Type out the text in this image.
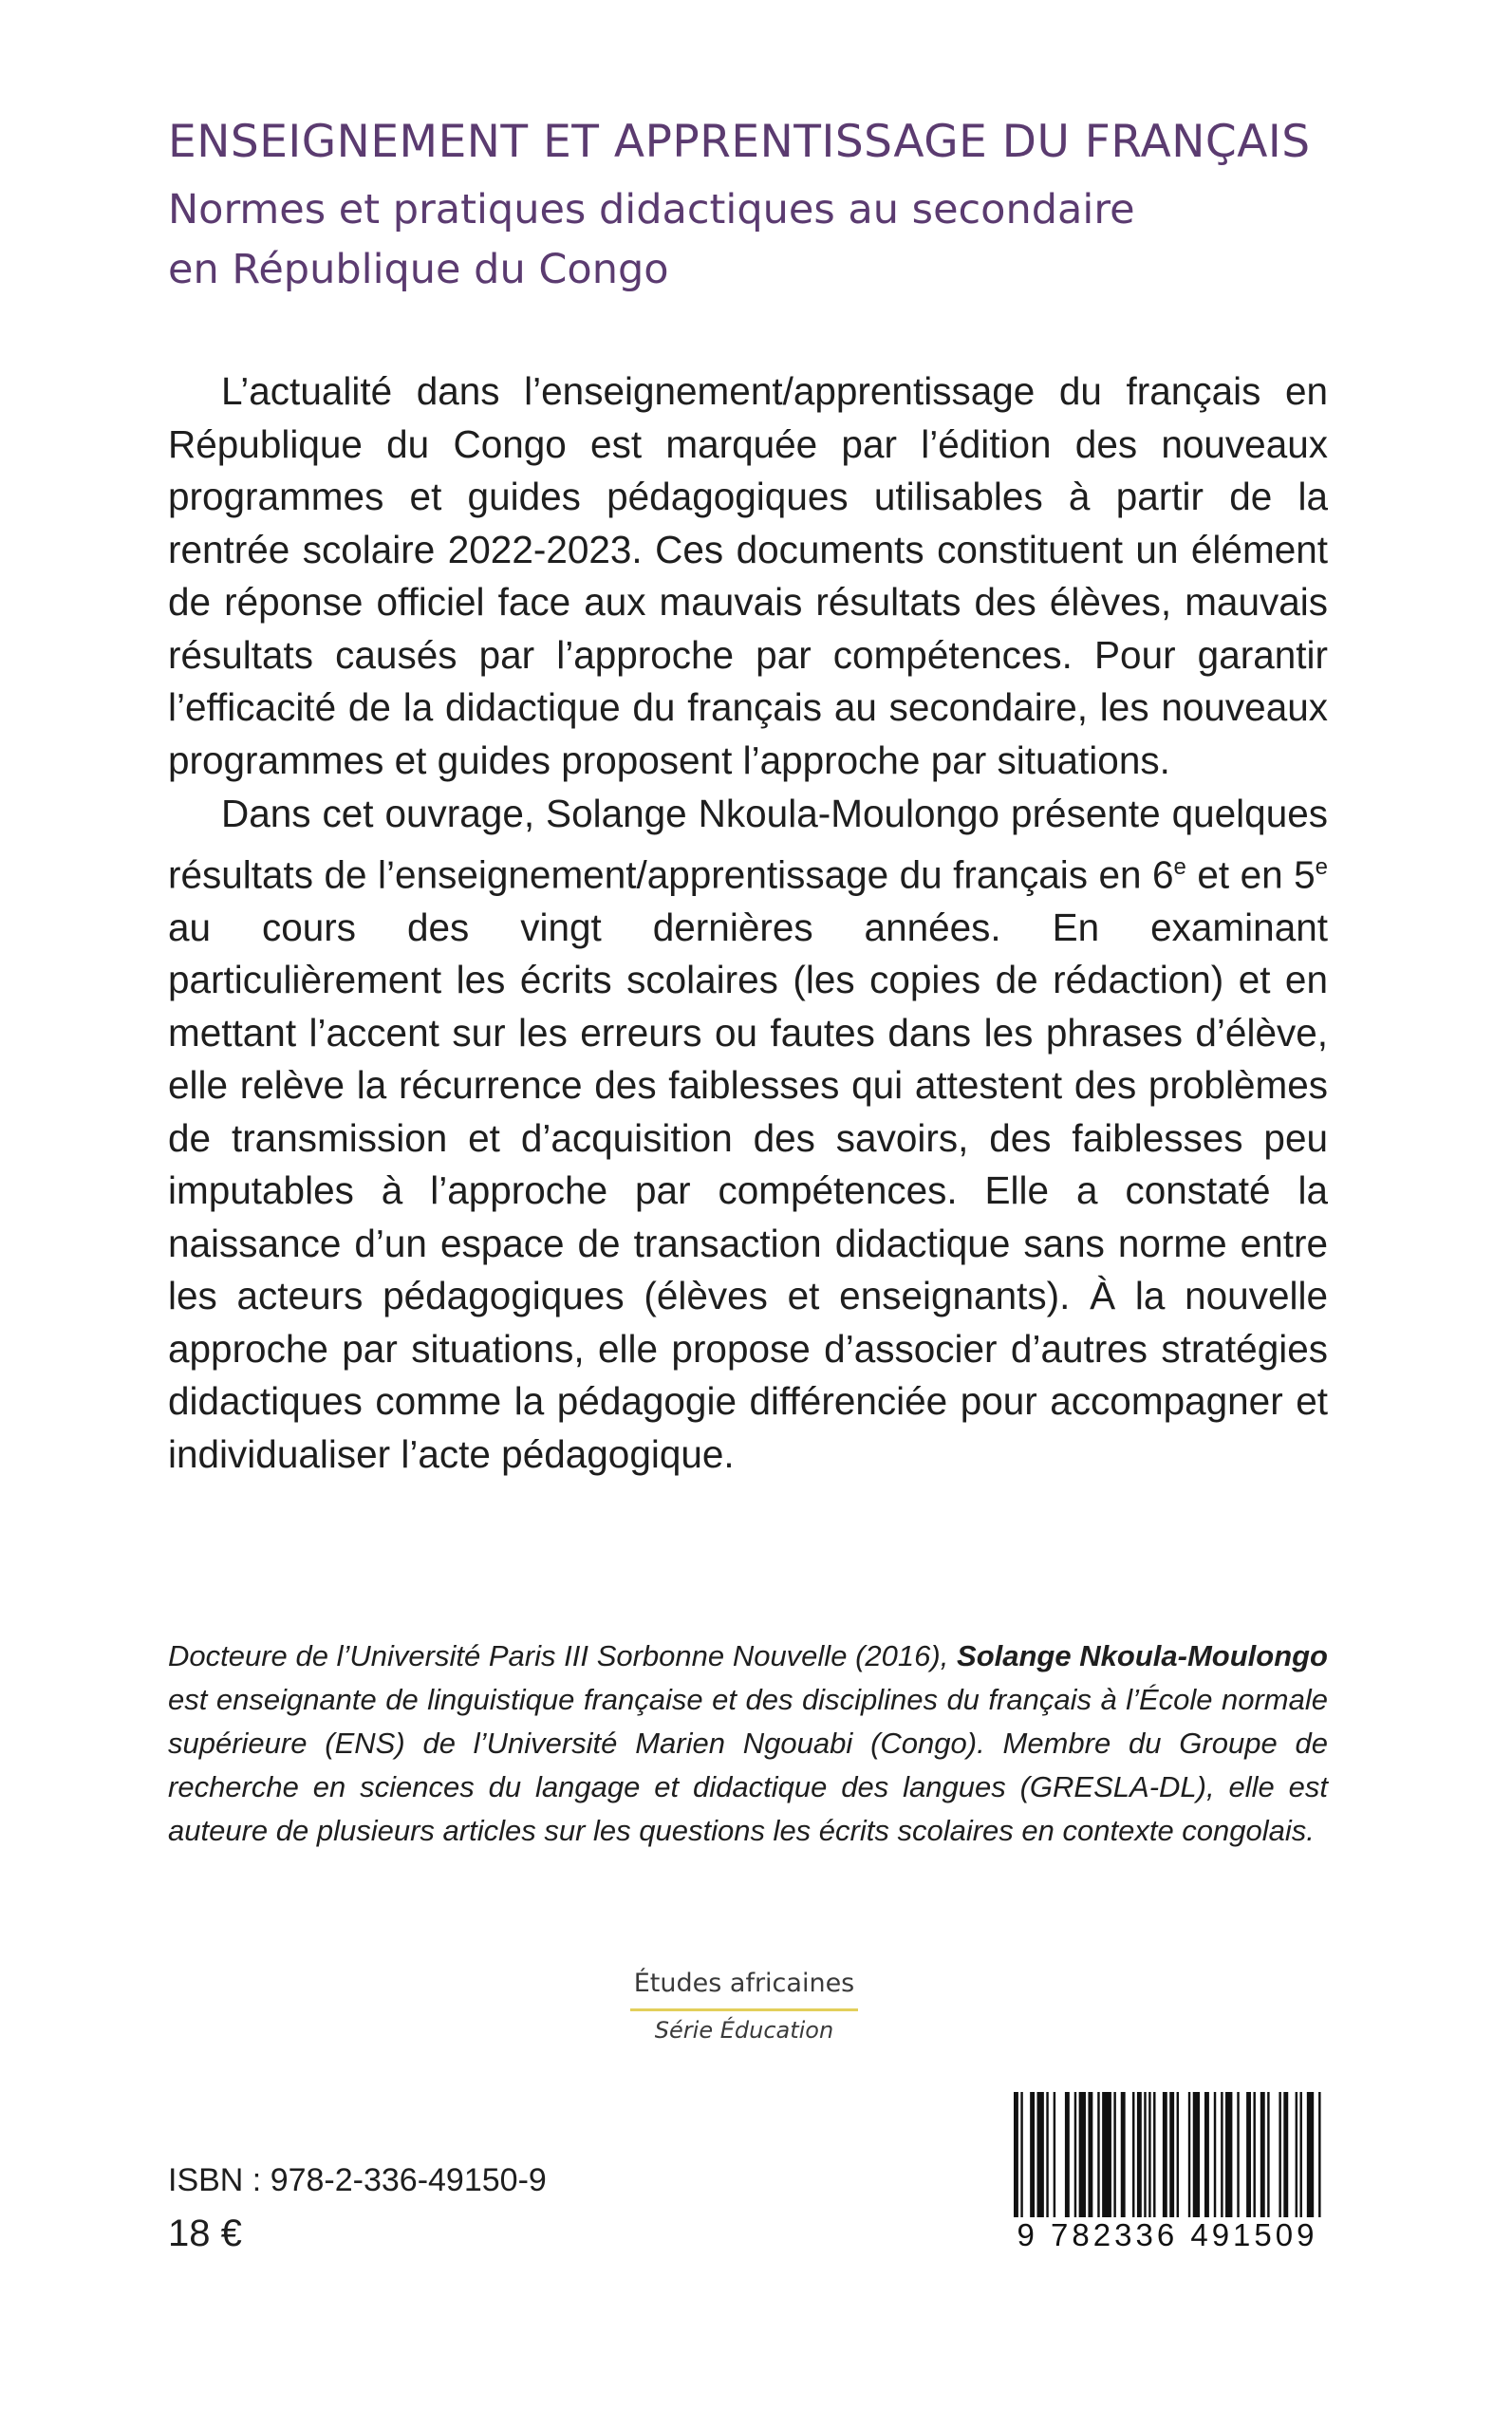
ENSEIGNEMENT ET APPRENTISSAGE DU FRANÇAIS
Normes et pratiques didactiques au secondaire
en République du Congo

L’actualité dans l’enseignement/apprentissage du français en République du Congo est marquée par l’édition des nouveaux programmes et guides pédagogiques utilisables à partir de la rentrée scolaire 2022-2023. Ces documents constituent un élément de réponse officiel face aux mauvais résultats des élèves, mauvais résultats causés par l’approche par compétences. Pour garantir l’efficacité de la didactique du français au secondaire, les nouveaux programmes et guides proposent l’approche par situations.

Dans cet ouvrage, Solange Nkoula-Moulongo présente quelques résultats de l’enseignement/apprentissage du français en 6e et en 5e au cours des vingt dernières années. En examinant particulièrement les écrits scolaires (les copies de rédaction) et en mettant l’accent sur les erreurs ou fautes dans les phrases d’élève, elle relève la récurrence des faiblesses qui attestent des problèmes de transmission et d’acquisition des savoirs, des faiblesses peu imputables à l’approche par compétences. Elle a constaté la naissance d’un espace de transaction didactique sans norme entre les acteurs pédagogiques (élèves et enseignants). À la nouvelle approche par situations, elle propose d’associer d’autres stratégies didactiques comme la pédagogie différenciée pour accompagner et individualiser l’acte pédagogique.

Docteure de l’Université Paris III Sorbonne Nouvelle (2016), Solange Nkoula-Moulongo est enseignante de linguistique française et des disciplines du français à l’École normale supérieure (ENS) de l’Université Marien Ngouabi (Congo). Membre du Groupe de recherche en sciences du langage et didactique des langues (GRESLA-DL), elle est auteure de plusieurs articles sur les questions les écrits scolaires en contexte congolais.
Études africaines
Série Éducation
ISBN : 978-2-336-49150-9
18 €	9 782336 491509
